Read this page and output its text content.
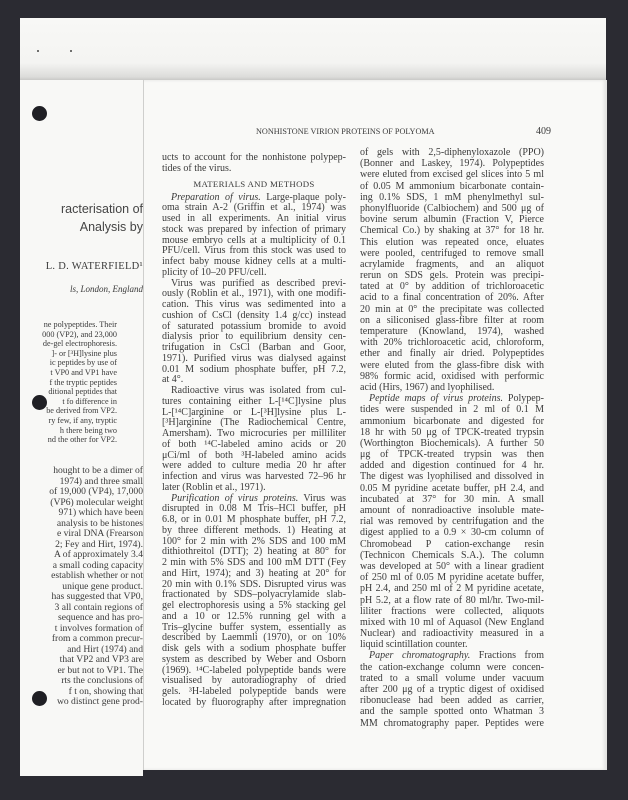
racterisation of
Analysis by
L. D. WATERFIELD¹
ls, London, England
ne polypeptides. Their
000 (VP2), and 23,000
de-gel electrophoresis.
]- or [³H]lysine plus
ic peptides by use of
t VP0 and VP1 have
f the tryptic peptides
ditional peptides that
t fo difference in
be derived from VP2.
ry few, if any, tryptic
h there being two
nd the other for VP2.
hought to be a dimer of
1974) and three small
of 19,000 (VP4), 17,000
(VP6) molecular weight
971) which have been
analysis to be histones
e viral DNA (Frearson
2; Fey and Hirt, 1974).
A of approximately 3.4
a small coding capacity
establish whether or not
unique gene product.
has suggested that VP0,
3 all contain regions of
sequence and has pro-
t involves formation of
from a common precur-
and Hirt (1974) and
that VP2 and VP3 are
er but not to VP1. The
rts the conclusions of
f t on, showing that
wo distinct gene prod-
NONHISTONE VIRION PROTEINS OF POLYOMA	409
ucts to account for the nonhistone polypep-
tides of the virus.
MATERIALS AND METHODS
Preparation of virus. Large-plaque poly-
oma strain A-2 (Griffin et al., 1974) was
used in all experiments. An initial virus
stock was prepared by infection of primary
mouse embryo cells at a multiplicity of 0.1
PFU/cell. Virus from this stock was used to
infect baby mouse kidney cells at a multi-
plicity of 10–20 PFU/cell.
Virus was purified as described previ-
ously (Roblin et al., 1971), with one modifi-
cation. This virus was sedimented into a
cushion of CsCl (density 1.4 g/cc) instead
of saturated potassium bromide to avoid
dialysis prior to equilibrium density cen-
trifugation in CsCl (Barban and Goor,
1971). Purified virus was dialysed against
0.01 M sodium phosphate buffer, pH 7.2,
at 4°.
Radioactive virus was isolated from cul-
tures containing either L-[¹⁴C]lysine plus
L-[¹⁴C]arginine or L-[³H]lysine plus L-
[³H]arginine (The Radiochemical Centre,
Amersham). Two microcuries per milliliter
of both ¹⁴C-labeled amino acids or 20
μCi/ml of both ³H-labeled amino acids
were added to culture media 20 hr after
infection and virus was harvested 72–96 hr
later (Roblin et al., 1971).
Purification of virus proteins. Virus was
disrupted in 0.08 M Tris–HCl buffer, pH
6.8, or in 0.01 M phosphate buffer, pH 7.2,
by three different methods. 1) Heating at
100° for 2 min with 2% SDS and 100 mM
dithiothreitol (DTT); 2) heating at 80° for
2 min with 5% SDS and 100 mM DTT (Fey
and Hirt, 1974); and 3) heating at 20° for
20 min with 0.1% SDS. Disrupted virus was
fractionated by SDS–polyacrylamide slab-
gel electrophoresis using a 5% stacking gel
and a 10 or 12.5% running gel with a
Tris–glycine buffer system, essentially as
described by Laemmli (1970), or on 10%
disk gels with a sodium phosphate buffer
system as described by Weber and Osborn
(1969). ¹⁴C-labeled polypeptide bands were
visualised by autoradiography of dried
gels. ³H-labeled polypeptide bands were
located by fluorography after impregnation
of gels with 2,5-diphenyloxazole (PPO)
(Bonner and Laskey, 1974). Polypeptides
were eluted from excised gel slices into 5 ml
of 0.05 M ammonium bicarbonate contain-
ing 0.1% SDS, 1 mM phenylmethyl sul-
phonylfluoride (Calbiochem) and 500 μg of
bovine serum albumin (Fraction V, Pierce
Chemical Co.) by shaking at 37° for 18 hr.
This elution was repeated once, eluates
were pooled, centrifuged to remove small
acrylamide fragments, and an aliquot
rerun on SDS gels. Protein was precipi-
tated at 0° by addition of trichloroacetic
acid to a final concentration of 20%. After
20 min at 0° the precipitate was collected
on a siliconised glass-fibre filter at room
temperature (Knowland, 1974), washed
with 20% trichloroacetic acid, chloroform,
ether and finally air dried. Polypeptides
were eluted from the glass-fibre disk with
98% formic acid, oxidised with performic
acid (Hirs, 1967) and lyophilised.
Peptide maps of virus proteins. Polypep-
tides were suspended in 2 ml of 0.1 M
ammonium bicarbonate and digested for
18 hr with 50 μg of TPCK-treated trypsin
(Worthington Biochemicals). A further 50
μg of TPCK-treated trypsin was then
added and digestion continued for 4 hr.
The digest was lyophilised and dissolved in
0.05 M pyridine acetate buffer, pH 2.4, and
incubated at 37° for 30 min. A small
amount of nonradioactive insoluble mate-
rial was removed by centrifugation and the
digest applied to a 0.9 × 30-cm column of
Chromobead P cation-exchange resin
(Technicon Chemicals S.A.). The column
was developed at 50° with a linear gradient
of 250 ml of 0.05 M pyridine acetate buffer,
pH 2.4, and 250 ml of 2 M pyridine acetate,
pH 5.2, at a flow rate of 80 ml/hr. Two-mil-
liliter fractions were collected, aliquots
mixed with 10 ml of Aquasol (New England
Nuclear) and radioactivity measured in a
liquid scintillation counter.
Paper chromatography. Fractions from
the cation-exchange column were concen-
trated to a small volume under vacuum
after 200 μg of a tryptic digest of oxidised
ribonuclease had been added as carrier,
and the sample spotted onto Whatman 3
MM chromatography paper. Peptides were
